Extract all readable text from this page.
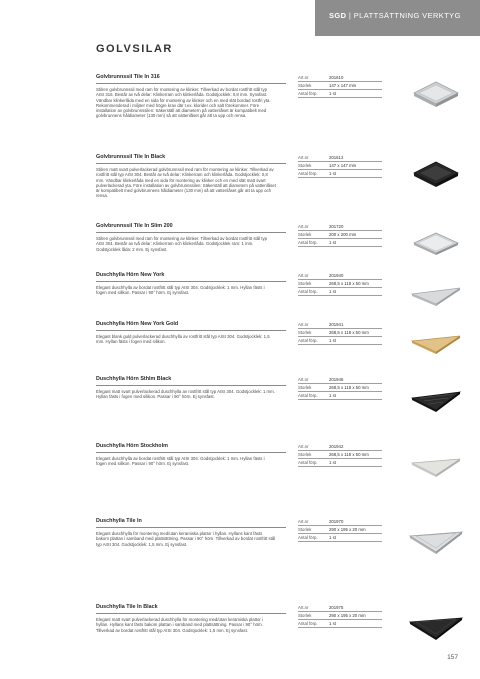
SGD | PLATTSÄTTNING VERKTYG
GOLVSILAR
Golvbrunnssil Tile In 316
Stilren golvbrunnssil med ram för montering av klinker. Tillverkad av bordat rostfritt stål typ AISI 316. Består av två delar: Klinkerram och klinkerlåda. Godstjocklek: 0,8 mm. Synsfast. Vändbar klinkerlåda med en sida för montering av klinker och en med slät bordad rostfri yta. Rekommenderad i miljöer med högre krav där t.ex. klorider och salt förekommer. Före installation av golvbrunnssilen: Säkerställ att diametern på vattenlåset är kompatibelt med golvbrunnens håldiameter (130 mm) så att vattenlåset går att ta upp och rensa.
Art.nr	201610
Storlek	147 x 147 mm
Antal förp.	1 st
Golvbrunnssil Tile In Black
Stilren matt svart pulverlackerad golvbrunnssil med ram för montering av klinker. Tillverkad av rostfritt stål typ AISI 304. Består av två delar: Klinkerram och klinkerlåda. Godstjocklek: 0,8 mm. Vändbar klinkerlåda med en sida för montering av klinker och en med slät matt svart pulverlackerad yta. Före installation av golvbrunnssilen: Säkerställ att diametern på vattenlåset är kompatibelt med golvbrunnens håldiameter (130 mm) så att vattenlåset går att ta upp och rensa.
Art.nr	201612
Storlek	147 x 147 mm
Antal förp.	1 st
Golvbrunnssil Tile In Slim 200
Stilren golvbrunnssil med ram för montering av klinker. Tillverkad av bordat rostfritt stål typ AISI 304. Består av två delar: Klinkerram och klinkerlåda. Godstjocklek ram: 1 mm. Godstjocklek låda: 2 mm. Ej synsfast.
Art.nr	201720
Storlek	200 x 200 mm
Antal förp.	1 st
Duschhylla Hörn New York
Elegant duschhylla av bordat rostfritt stål typ AISI 304. Godstjocklek: 1 mm. Hyllan fästs i fogen med silikon. Passar i 90° hörn. Ej synsfast.
Art.nr	201940
Storlek	268,5 x 118 x 50 mm
Antal förp.	1 st
Duschhylla Hörn New York Gold
Elegant blank guld pulverlackerad duschhylla av rostfritt stål typ AISI 304. Godstjocklek: 1,5 mm. Hyllan fästs i fogen med silikon.
Art.nr	201941
Storlek	268,5 x 118 x 50 mm
Antal förp.	1 st
Duschhylla Hörn Sthlm Black
Elegant matt svart pulverlackerad duschhylla av rostfritt stål typ AISI 304. Godstjocklek: 1 mm. Hyllan fästs i fogen med silikon. Passar i 90° hörn. Ej synsfast.
Art.nr	201946
Storlek	268,5 x 118 x 50 mm
Antal förp.	1 st
Duschhylla Hörn Stockholm
Elegant duschhylla av bordat rostfritt stål typ AISI 304. Godstjocklek: 1 mm. Hyllan fästs i fogen med silikon. Passar i 90° hörn. Ej synsfast.
Art.nr	201942
Storlek	268,5 x 118 x 50 mm
Antal förp.	1 st
Duschhylla Tile In
Elegant duschhylla för montering med/utan keramiska plattor i hyllan. Hyllans kant fästs bakom plattan i samband med plattsättning. Passar i 90° hörn. Tillverkad av bordat rostfritt stål typ AISI 304. Godstjocklek: 1,5 mm. Ej synsfast.
Art.nr	201970
Storlek	290 x 195 x 20 mm
Antal förp.	1 st
Duschhylla Tile In Black
Elegant matt svart pulverlackerad duschhylla för montering med/utan keramiska plattor i hyllan. Hyllans kant fästs bakom plattan i samband med plattsättning. Passar i 90° hörn. Tillverkad av bordat rostfritt stål typ AISI 304. Godstjocklek: 1,5 mm. Ej synsfast.
Art.nr	201975
Storlek	290 x 195 x 20 mm
Antal förp.	1 st
157
